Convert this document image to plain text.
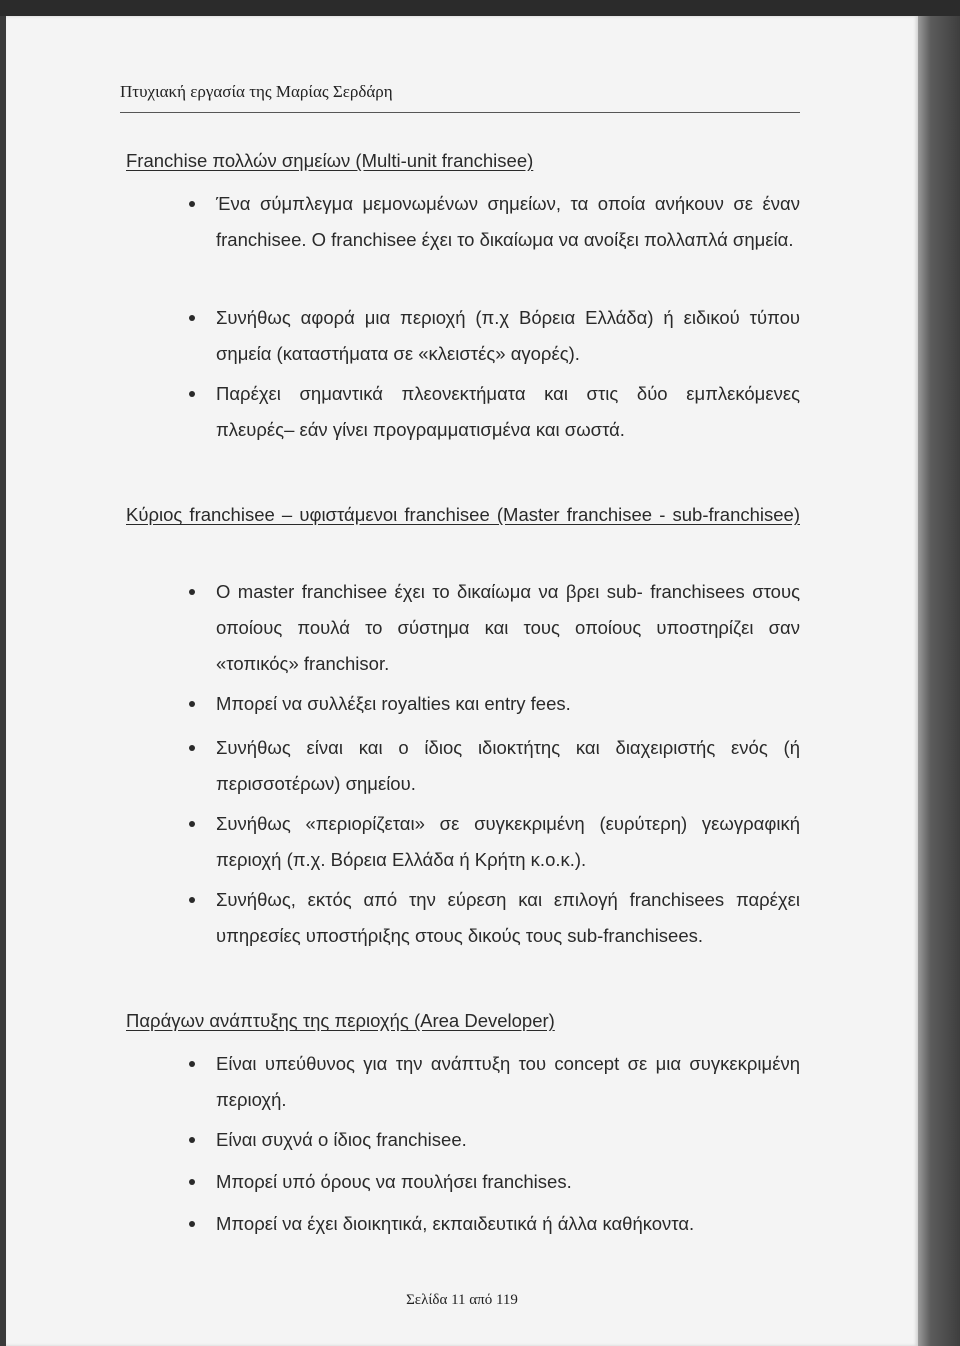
Πτυχιακή εργασία της Μαρίας Σερδάρη
Franchise πολλών σημείων (Multi-unit franchisee)
Ένα σύμπλεγμα μεμονωμένων σημείων, τα οποία ανήκουν σε έναν franchisee. Ο franchisee έχει το δικαίωμα να ανοίξει πολλαπλά σημεία.
Συνήθως αφορά μια περιοχή (π.χ Βόρεια Ελλάδα) ή ειδικού τύπου σημεία (καταστήματα σε «κλειστές» αγορές).
Παρέχει σημαντικά πλεονεκτήματα και στις δύο εμπλεκόμενες πλευρές– εάν γίνει προγραμματισμένα και σωστά.
Κύριος franchisee – υφιστάμενοι franchisee (Master franchisee - sub-franchisee)
Ο master franchisee έχει το δικαίωμα να βρει sub- franchisees στους οποίους πουλά το σύστημα και τους οποίους υποστηρίζει σαν «τοπικός» franchisor.
Μπορεί να συλλέξει royalties και entry fees.
Συνήθως είναι και ο ίδιος ιδιοκτήτης και διαχειριστής ενός (ή περισσοτέρων) σημείου.
Συνήθως «περιορίζεται» σε συγκεκριμένη (ευρύτερη) γεωγραφική περιοχή (π.χ. Βόρεια Ελλάδα ή Κρήτη κ.ο.κ.).
Συνήθως, εκτός από την εύρεση και επιλογή franchisees παρέχει υπηρεσίες υποστήριξης στους δικούς τους sub-franchisees.
Παράγων ανάπτυξης της περιοχής (Area Developer)
Είναι υπεύθυνος για την ανάπτυξη του concept σε μια συγκεκριμένη περιοχή.
Είναι συχνά ο ίδιος franchisee.
Μπορεί υπό όρους να πουλήσει franchises.
Μπορεί να έχει διοικητικά, εκπαιδευτικά ή άλλα καθήκοντα.
Σελίδα 11 από 119
